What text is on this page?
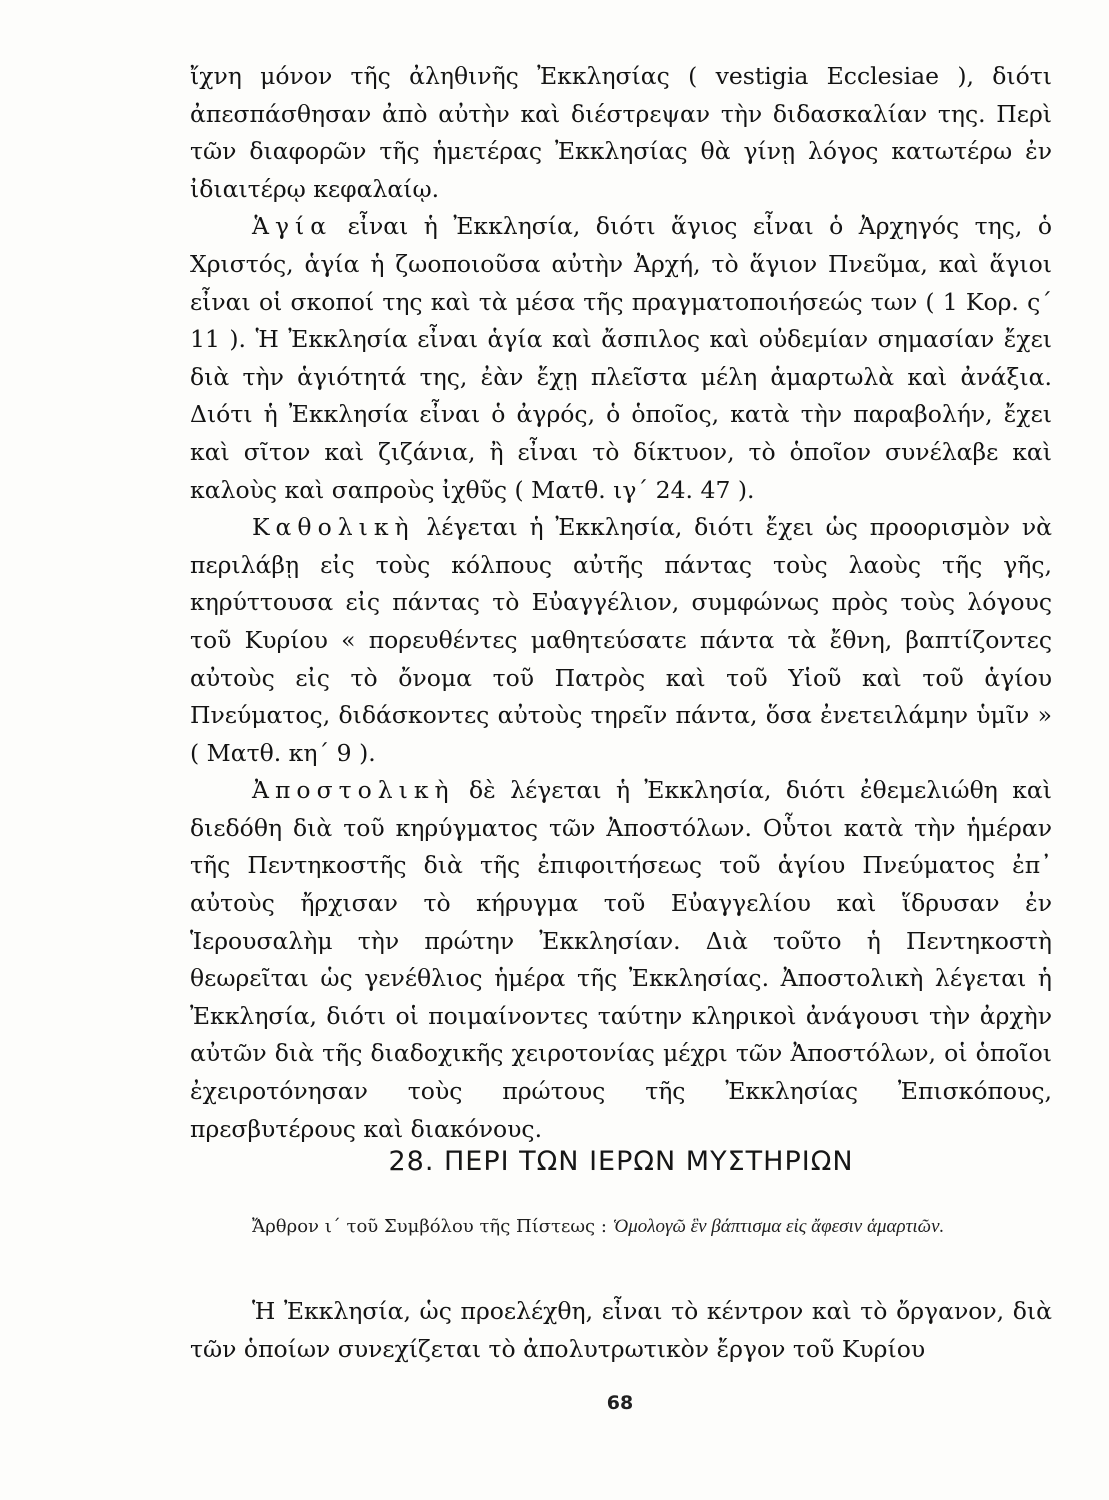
ἴχνη μόνον τῆς ἀληθινῆς Ἐκκλησίας ( vestigia Ecclesiae ), διότι ἀπεσπάσθησαν ἀπὸ αὐτὴν καὶ διέστρεψαν τὴν διδασκαλίαν της. Περὶ τῶν διαφορῶν τῆς ἡμετέρας Ἐκκλησίας θὰ γίνῃ λόγος κατωτέρω ἐν ἰδιαιτέρῳ κεφαλαίῳ.

Ἁγία εἶναι ἡ Ἐκκλησία, διότι ἅγιος εἶναι ὁ Ἀρχηγός της, ὁ Χριστός, ἁγία ἡ ζωοποιοῦσα αὐτὴν Ἀρχή, τὸ ἅγιον Πνεῦμα, καὶ ἅγιοι εἶναι οἱ σκοποί της καὶ τὰ μέσα τῆς πραγματοποιήσεώς των ( 1 Κορ. ς΄ 11 ). Ἡ Ἐκκλησία εἶναι ἁγία καὶ ἄσπιλος καὶ οὐδεμίαν σημασίαν ἔχει διὰ τὴν ἁγιότητά της, ἐὰν ἔχῃ πλεῖστα μέλη ἁμαρτωλὰ καὶ ἀνάξια. Διότι ἡ Ἐκκλησία εἶναι ὁ ἀγρός, ὁ ὁποῖος, κατὰ τὴν παραβολήν, ἔχει καὶ σῖτον καὶ ζιζάνια, ἢ εἶναι τὸ δίκτυον, τὸ ὁποῖον συνέλαβε καὶ καλοὺς καὶ σαπροὺς ἰχθῦς ( Ματθ. ιγ΄ 24. 47 ).

Καθολικὴ λέγεται ἡ Ἐκκλησία, διότι ἔχει ὡς προορισμὸν νὰ περιλάβῃ εἰς τοὺς κόλπους αὐτῆς πάντας τοὺς λαοὺς τῆς γῆς, κηρύττουσα εἰς πάντας τὸ Εὐαγγέλιον, συμφώνως πρὸς τοὺς λόγους τοῦ Κυρίου « πορευθέντες μαθητεύσατε πάντα τὰ ἔθνη, βαπτίζοντες αὐτοὺς εἰς τὸ ὄνομα τοῦ Πατρὸς καὶ τοῦ Υἱοῦ καὶ τοῦ ἁγίου Πνεύματος, διδάσκοντες αὐτοὺς τηρεῖν πάντα, ὅσα ἐνετειλάμην ὑμῖν » ( Ματθ. κη΄ 9 ).

Ἀποστολικὴ δὲ λέγεται ἡ Ἐκκλησία, διότι ἐθεμελιώθη καὶ διεδόθη διὰ τοῦ κηρύγματος τῶν Ἀποστόλων. Οὗτοι κατὰ τὴν ἡμέραν τῆς Πεντηκοστῆς διὰ τῆς ἐπιφοιτήσεως τοῦ ἁγίου Πνεύματος ἐπ᾽ αὐτοὺς ἤρχισαν τὸ κήρυγμα τοῦ Εὐαγγελίου καὶ ἵδρυσαν ἐν Ἱερουσαλὴμ τὴν πρώτην Ἐκκλησίαν. Διὰ τοῦτο ἡ Πεντηκοστὴ θεωρεῖται ὡς γενέθλιος ἡμέρα τῆς Ἐκκλησίας. Ἀποστολικὴ λέγεται ἡ Ἐκκλησία, διότι οἱ ποιμαίνοντες ταύτην κληρικοὶ ἀνάγουσι τὴν ἀρχὴν αὐτῶν διὰ τῆς διαδοχικῆς χειροτονίας μέχρι τῶν Ἀποστόλων, οἱ ὁποῖοι ἐχειροτόνησαν τοὺς πρώτους τῆς Ἐκκλησίας Ἐπισκόπους, πρεσβυτέρους καὶ διακόνους.

28. ΠΕΡΙ ΤΩΝ ΙΕΡΩΝ ΜΥΣΤΗΡΙΩΝ
Ἄρθρον ι΄ τοῦ Συμβόλου τῆς Πίστεως : Ὁμολογῶ ἓν βάπτισμα εἰς ἄφεσιν ἁμαρτιῶν.
Ἡ Ἐκκλησία, ὡς προελέχθη, εἶναι τὸ κέντρον καὶ τὸ ὄργανον, διὰ τῶν ὁποίων συνεχίζεται τὸ ἀπολυτρωτικὸν ἔργον τοῦ Κυρίου
68
